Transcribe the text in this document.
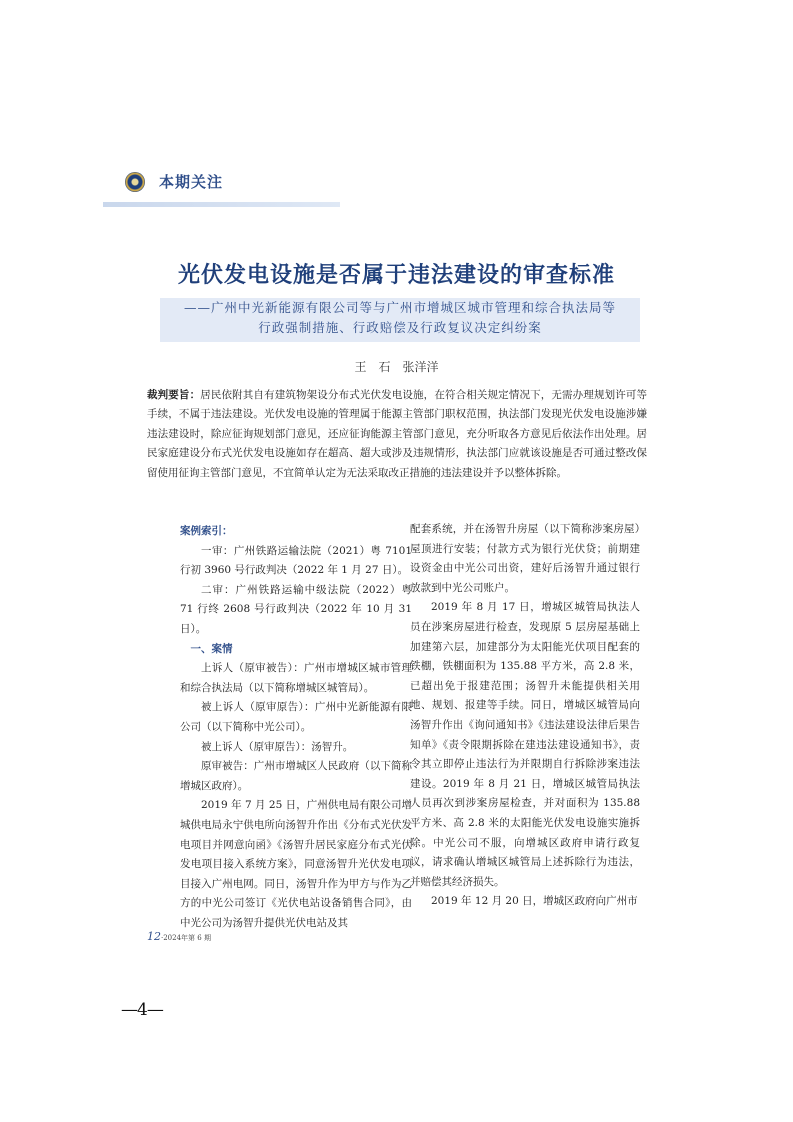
本期关注
光伏发电设施是否属于违法建设的审查标准
——广州中光新能源有限公司等与广州市增城区城市管理和综合执法局等
行政强制措施、行政赔偿及行政复议决定纠纷案
王　石　张洋洋
裁判要旨：居民依附其自有建筑物架设分布式光伏发电设施，在符合相关规定情况下，无需办理规划许可等手续，不属于违法建设。光伏发电设施的管理属于能源主管部门职权范围，执法部门发现光伏发电设施涉嫌违法建设时，除应征询规划部门意见，还应征询能源主管部门意见，充分听取各方意见后依法作出处理。居民家庭建设分布式光伏发电设施如存在超高、超大或涉及违规情形，执法部门应就该设施是否可通过整改保留使用征询主管部门意见，不宜简单认定为无法采取改正措施的违法建设并予以整体拆除。

案例索引：

一审：广州铁路运输法院（2021）粤 7101 行初 3960 号行政判决（2022 年 1 月 27 日）。

二审：广州铁路运输中级法院（2022）粤 71 行终 2608 号行政判决（2022 年 10 月 31 日）。

　一、案情

上诉人（原审被告）：广州市增城区城市管理和综合执法局（以下简称增城区城管局）。

被上诉人（原审原告）：广州中光新能源有限公司（以下简称中光公司）。

被上诉人（原审原告）：汤智升。

原审被告：广州市增城区人民政府（以下简称增城区政府）。

2019 年 7 月 25 日，广州供电局有限公司增城供电局永宁供电所向汤智升作出《分布式光伏发电项目并网意向函》《汤智升居民家庭分布式光伏发电项目接入系统方案》，同意汤智升光伏发电项目接入广州电网。同日，汤智升作为甲方与作为乙方的中光公司签订《光伏电站设备销售合同》，由中光公司为汤智升提供光伏电站及其

配套系统，并在汤智升房屋（以下简称涉案房屋）屋顶进行安装；付款方式为银行光伏贷；前期建设资金由中光公司出资，建好后汤智升通过银行放款到中光公司账户。

2019 年 8 月 17 日，增城区城管局执法人员在涉案房屋进行检查，发现原 5 层房屋基础上加建第六层，加建部分为太阳能光伏项目配套的铁棚，铁棚面积为 135.88 平方米，高 2.8 米，已超出免于报建范围；汤智升未能提供相关用地、规划、报建等手续。同日，增城区城管局向汤智升作出《询问通知书》《违法建设法律后果告知单》《责令限期拆除在建违法建设通知书》，责令其立即停止违法行为并限期自行拆除涉案违法建设。2019 年 8 月 21 日，增城区城管局执法人员再次到涉案房屋检查，并对面积为 135.88 平方米、高 2.8 米的太阳能光伏发电设施实施拆除。中光公司不服，向增城区政府申请行政复议，请求确认增城区城管局上述拆除行为违法，并赔偿其经济损失。

2019 年 12 月 20 日，增城区政府向广州市

12·2024年第 6 期
—4—
